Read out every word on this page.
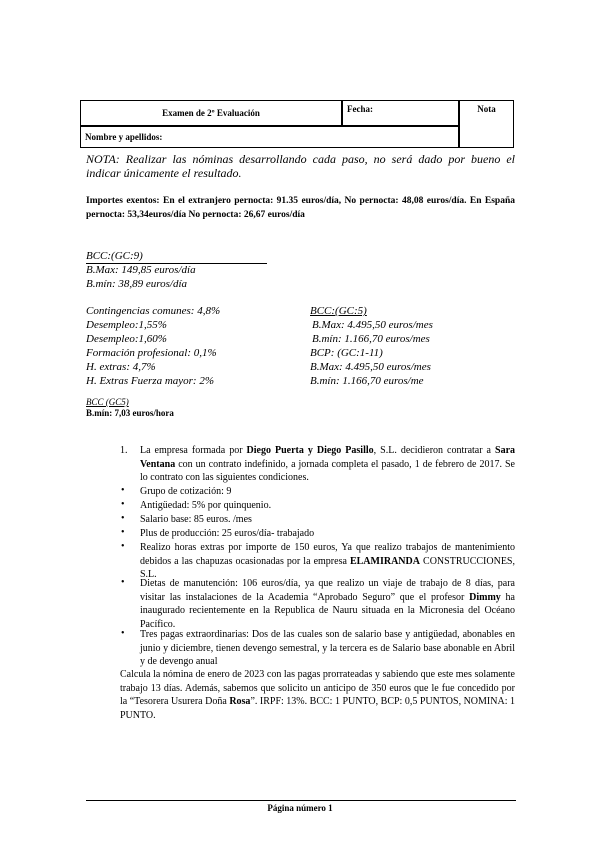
Examen de 2º Evaluación	Fecha:	Nota
Nombre y apellidos:
NOTA: Realizar las nóminas desarrollando cada paso, no será dado por bueno el indicar únicamente el resultado.
Importes exentos: En el extranjero pernocta: 91.35 euros/día, No pernocta: 48,08 euros/día. En España pernocta: 53,34euros/día No pernocta: 26,67 euros/día
BCC:(GC:9)
B.Max: 149,85 euros/día
B.mín: 38,89 euros/día
Contingencias comunes: 4,8%
Desempleo:1,55%
Desempleo:1,60%
Formación profesional: 0,1%
H. extras: 4,7%
H. Extras Fuerza mayor: 2%
BCC:(GC:5)
B.Max: 4.495,50 euros/mes
B.mín: 1.166,70 euros/mes
BCP: (GC:1-11)
B.Max: 4.495,50 euros/mes
B.mín: 1.166,70 euros/me
BCC (GC5)
B.mín: 7,03 euros/hora
1. La empresa formada por Diego Puerta y Diego Pasillo, S.L. decidieron contratar a Sara Ventana con un contrato indefinido, a jornada completa el pasado, 1 de febrero de 2017. Se lo contrato con las siguientes condiciones.
• Grupo de cotización: 9
• Antigüedad: 5% por quinquenio.
• Salario base: 85 euros. /mes
• Plus de producción: 25 euros/día- trabajado
• Realizo horas extras por importe de 150 euros, Ya que realizo trabajos de mantenimiento debidos a las chapuzas ocasionadas por la empresa ELAMIRANDA CONSTRUCCIONES, S.L.
• Dietas de manutención: 106 euros/día, ya que realizo un viaje de trabajo de 8 días, para visitar las instalaciones de la Academia “Aprobado Seguro” que el profesor Dimmy ha inaugurado recientemente en la Republica de Nauru situada en la Micronesia del Océano Pacífico.
• Tres pagas extraordinarias: Dos de las cuales son de salario base y antigüedad, abonables en junio y diciembre, tienen devengo semestral, y la tercera es de Salario base abonable en Abril y de devengo anual
Calcula la nómina de enero de 2023 con las pagas prorrateadas y sabiendo que este mes solamente trabajo 13 días. Además, sabemos que solicito un anticipo de 350 euros que le fue concedido por la “Tesorera Usurera Doña Rosa”. IRPF: 13%. BCC: 1 PUNTO, BCP: 0,5 PUNTOS, NOMINA: 1 PUNTO.
Página número 1
